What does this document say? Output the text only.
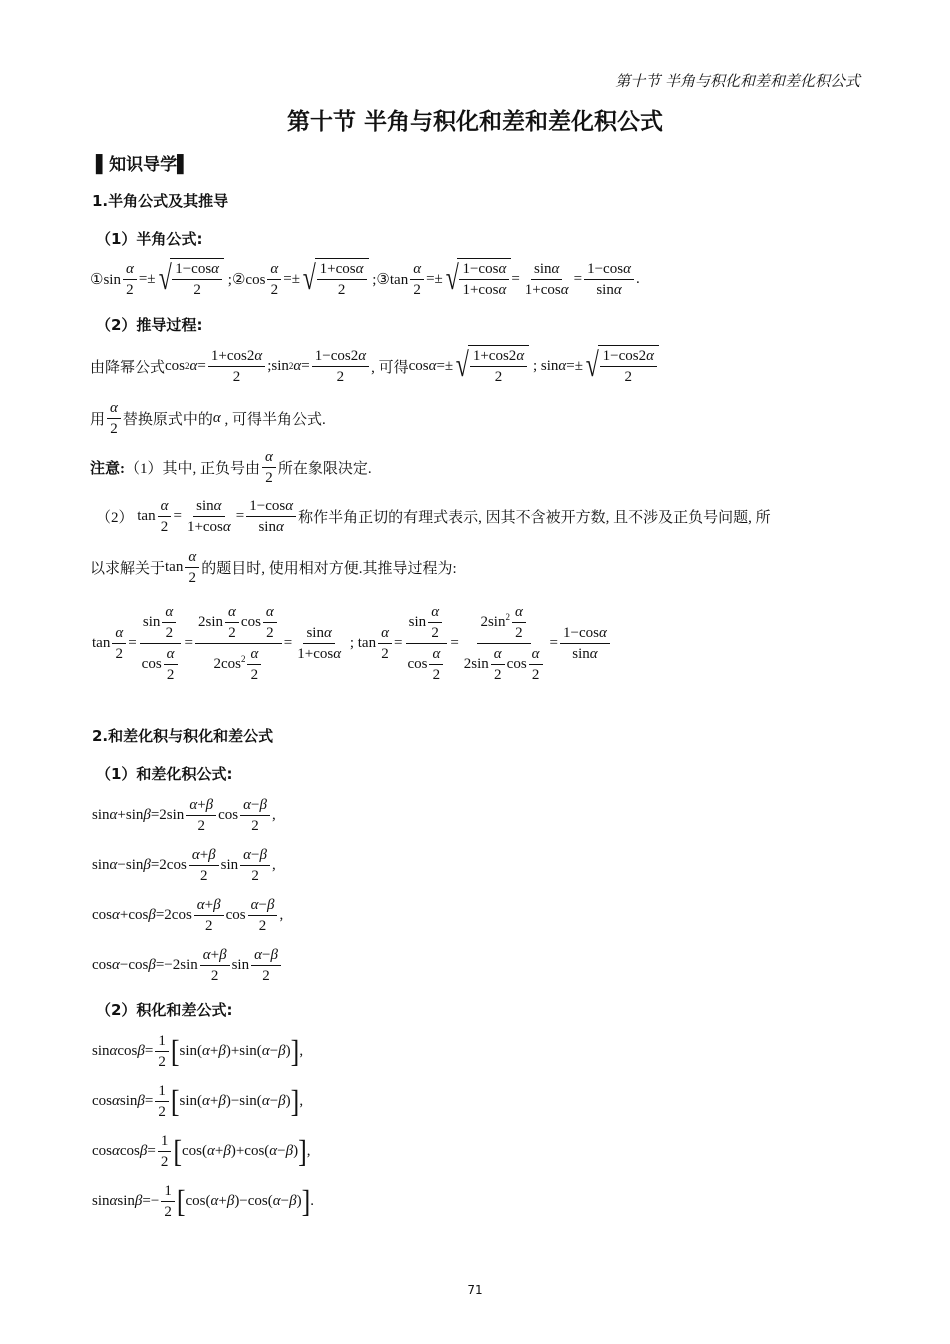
第十节 半角与积化和差和差化积公式
第十节 半角与积化和差和差化积公式
▌知识导学▌
1.半角公式及其推导
（1）半角公式:
①sin
α
2
=± √ 1−cosα
2
;②cos
α
2
=± √ 1+cosα
2
;③tan
α
2
=± √ 1−cosα
1+cosα
=
sinα
1+cosα
=
1−cosα
sinα
.
（2）推导过程:
由降幂公式 cos 2 α =
1+cos2α
2
;sin 2 α =
1−cos2α
2
, 可得 cos α =± √ 1+cos2α
2
; sin α =± √ 1−cos2α
2
用
α
2
替换原式中的 α
, 可得半角公式.
注意: （1）其中, 正负号由
α
2
所在象限决定.
（2） tan
α
2
=
sinα
1+cosα
=
1−cosα
sinα
称作半角正切的有理式表示, 因其不含被开方数, 且不涉及正负号问题, 所
以求解关于 tan
α
2
的题目时, 使用相对方便.其推导过程为:
tan
α
2
=
$\sin \frac{\alpha}{2}$
$\cos \frac{\alpha}{2}$
=
$2\sin \frac{\alpha}{2}$ $\cos \frac{\alpha}{2}$
$2\cos^2 \frac{\alpha}{2}$
=
sinα
1+cosα
; tan
α
2
=
$\sin \frac{\alpha}{2}$
$\cos \frac{\alpha}{2}$
=
$2\sin^2 \frac{\alpha}{2}$
$2\sin \frac{\alpha}{2}$ $\cos \frac{\alpha}{2}$
=
1−cosα
sinα
2.和差化积与积化和差公式
（1）和差化积公式:
sin α +sin β =2sin
α+β
2
cos
α−β
2
,
sin α −sin β =2cos
α+β
2
sin
α−β
2
,
cos α +cos β =2cos
α+β
2
cos
α−β
2
,
cos α −cos β =−2sin
α+β
2
sin
α−β
2
（2）积化和差公式:
sin α cos β =
1
2 [ sin( α + β )+sin( α − β ) ] ,
cos α sin β =
1
2 [ sin( α + β )−sin( α − β ) ] ,
cos α cos β =
1
2 [ cos( α + β )+cos( α − β ) ] ,
sin α sin β =−
1
2 [ cos( α + β )−cos( α − β ) ] .
71
